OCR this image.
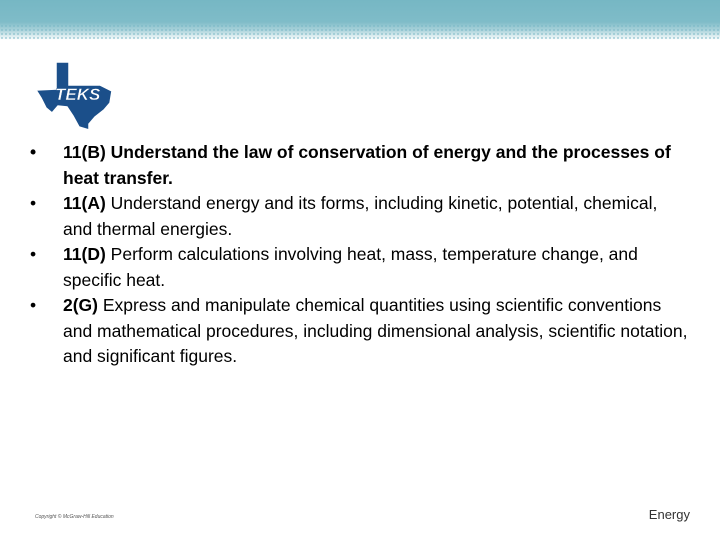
TEKS
• 11(B) Understand the law of conservation of energy and the processes of heat transfer.
• 11(A) Understand energy and its forms, including kinetic, potential, chemical, and thermal energies.
• 11(D) Perform calculations involving heat, mass, temperature change, and specific heat.
• 2(G) Express and manipulate chemical quantities using scientific conventions and mathematical procedures, including dimensional analysis, scientific notation, and significant figures.
Copyright © McGraw-Hill Education	Energy
